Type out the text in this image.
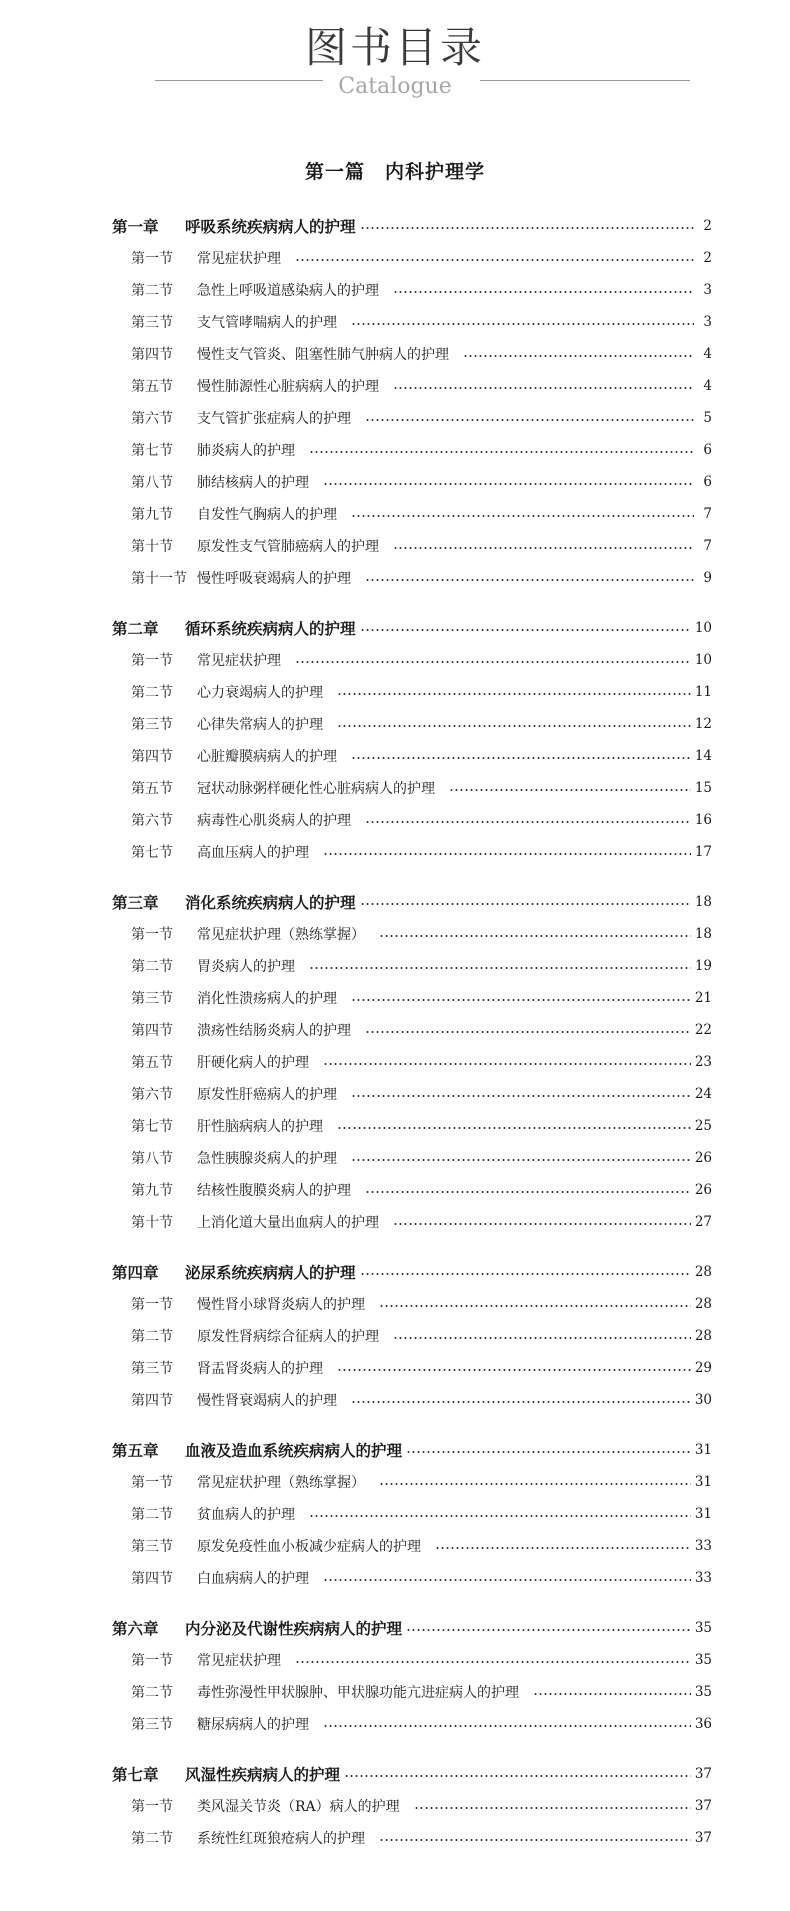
图书目录
Catalogue
第一篇　内科护理学
第一章	呼吸系统疾病病人的护理	2
第一节	常见症状护理	2
第二节	急性上呼吸道感染病人的护理	3
第三节	支气管哮喘病人的护理	3
第四节	慢性支气管炎、阻塞性肺气肿病人的护理	4
第五节	慢性肺源性心脏病病人的护理	4
第六节	支气管扩张症病人的护理	5
第七节	肺炎病人的护理	6
第八节	肺结核病人的护理	6
第九节	自发性气胸病人的护理	7
第十节	原发性支气管肺癌病人的护理	7
第十一节 慢性呼吸衰竭病人的护理	9
第二章	循环系统疾病病人的护理	10
第一节	常见症状护理	10
第二节	心力衰竭病人的护理	11
第三节	心律失常病人的护理	12
第四节	心脏瓣膜病病人的护理	14
第五节	冠状动脉粥样硬化性心脏病病人的护理	15
第六节	病毒性心肌炎病人的护理	16
第七节	高血压病人的护理	17
第三章	消化系统疾病病人的护理	18
第一节	常见症状护理（熟练掌握）	18
第二节	胃炎病人的护理	19
第三节	消化性溃疡病人的护理	21
第四节	溃疡性结肠炎病人的护理	22
第五节	肝硬化病人的护理	23
第六节	原发性肝癌病人的护理	24
第七节	肝性脑病病人的护理	25
第八节	急性胰腺炎病人的护理	26
第九节	结核性腹膜炎病人的护理	26
第十节	上消化道大量出血病人的护理	27
第四章	泌尿系统疾病病人的护理	28
第一节	慢性肾小球肾炎病人的护理	28
第二节	原发性肾病综合征病人的护理	28
第三节	肾盂肾炎病人的护理	29
第四节	慢性肾衰竭病人的护理	30
第五章	血液及造血系统疾病病人的护理	31
第一节	常见症状护理（熟练掌握）	31
第二节	贫血病人的护理	31
第三节	原发免疫性血小板减少症病人的护理	33
第四节	白血病病人的护理	33
第六章	内分泌及代谢性疾病病人的护理	35
第一节	常见症状护理	35
第二节	毒性弥漫性甲状腺肿、甲状腺功能亢进症病人的护理	35
第三节	糖尿病病人的护理	36
第七章	风湿性疾病病人的护理	37
第一节	类风湿关节炎（RA）病人的护理	37
第二节	系统性红斑狼疮病人的护理	37
